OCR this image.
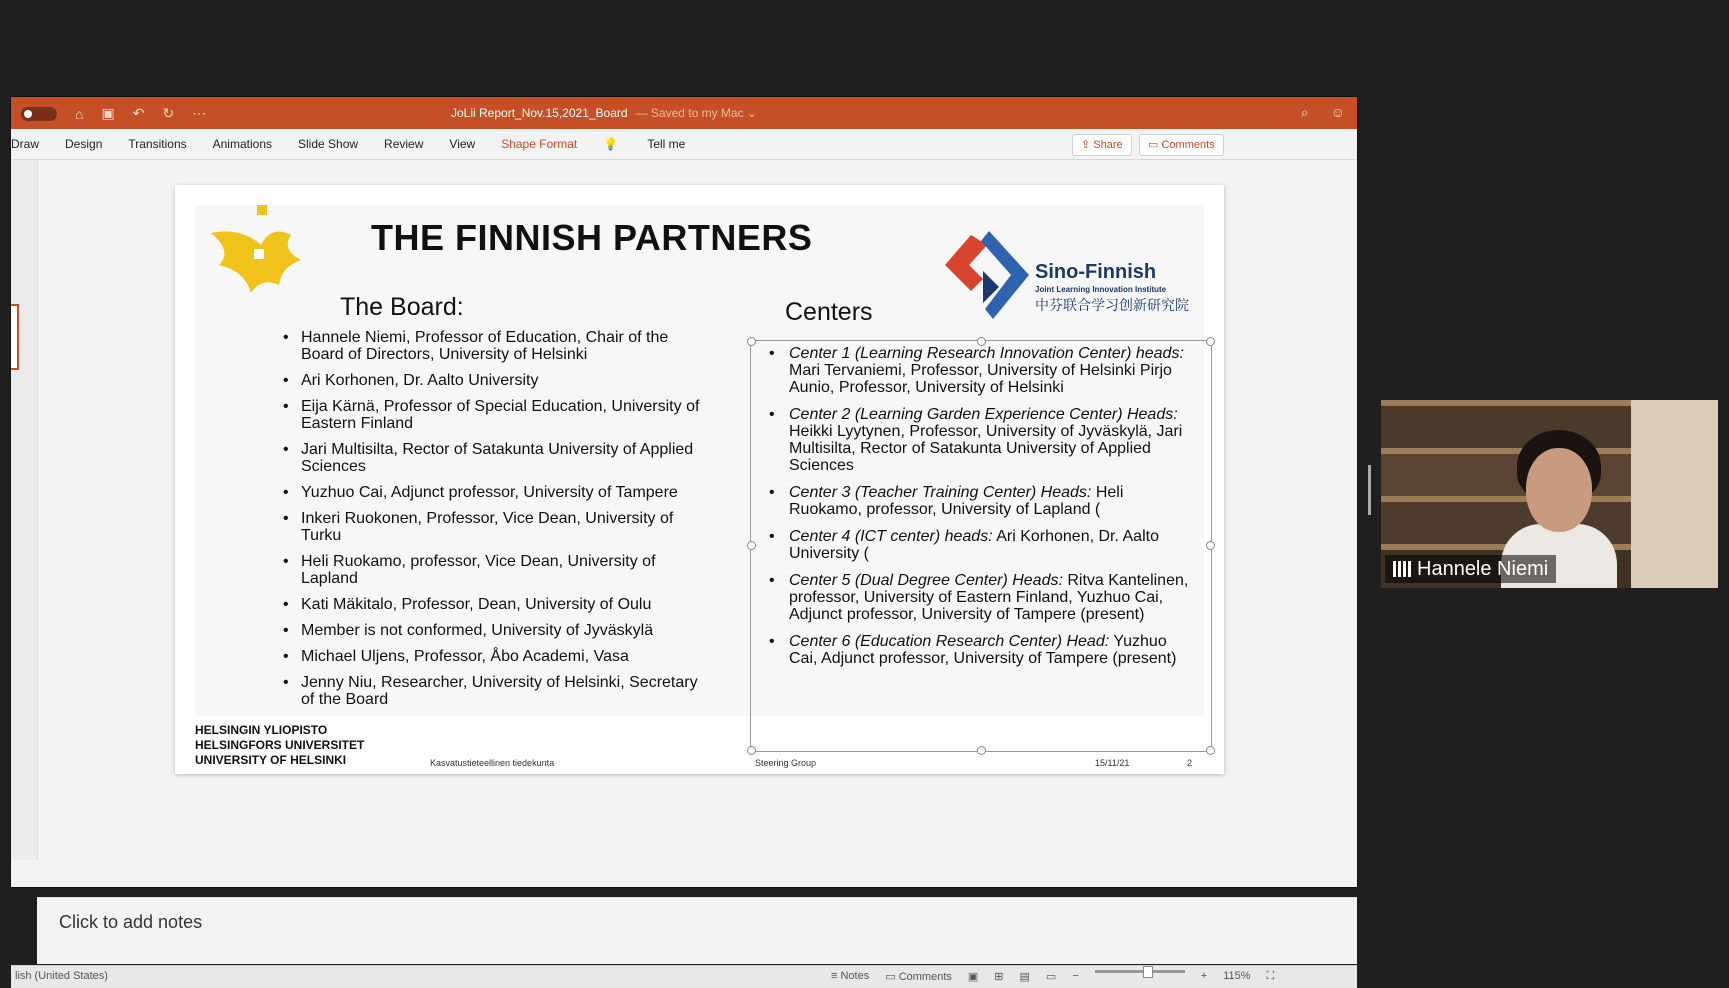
⌂ ▣ ↶ ↻ ⋯	JoLii Report_Nov.15,2021_Board — Saved to my Mac ⌄	⌕ ☺
Draw Design Transitions Animations Slide Show Review View Shape Format 💡 Tell me	⇪ Share	▭ Comments
Click to add notes
lish (United States)	≡ Notes ▭ Comments ▣ ⊞ ▤ ▭ −	+ 115% ⛶
THE FINNISH PARTNERS
Sino-Finnish
Joint Learning Innovation Institute
中芬联合学习创新研究院
The Board:	Centers
• Hannele Niemi, Professor of Education, Chair of the Board of Directors, University of Helsinki
• Ari Korhonen, Dr. Aalto University
• Eija Kärnä, Professor of Special Education, University of Eastern Finland
• Jari Multisilta, Rector of Satakunta University of Applied Sciences
• Yuzhuo Cai, Adjunct professor, University of Tampere
• Inkeri Ruokonen, Professor, Vice Dean, University of Turku
• Heli Ruokamo, professor, Vice Dean, University of Lapland
• Kati Mäkitalo, Professor, Dean, University of Oulu
• Member is not conformed, University of Jyväskylä
• Michael Uljens, Professor, Åbo Academi, Vasa
• Jenny Niu, Researcher, University of Helsinki, Secretary of the Board
• Center 1 (Learning Research Innovation Center) heads: Mari Tervaniemi, Professor, University of Helsinki Pirjo Aunio, Professor, University of Helsinki
• Center 2 (Learning Garden Experience Center) Heads: Heikki Lyytynen, Professor, University of Jyväskylä, Jari Multisilta, Rector of Satakunta University of Applied Sciences
• Center 3 (Teacher Training Center) Heads: Heli Ruokamo, professor, University of Lapland (
• Center 4 (ICT center) heads: Ari Korhonen, Dr. Aalto University (
• Center 5 (Dual Degree Center) Heads: Ritva Kantelinen, professor, University of Eastern Finland, Yuzhuo Cai, Adjunct professor, University of Tampere (present)
• Center 6 (Education Research Center) Head: Yuzhuo Cai, Adjunct professor, University of Tampere (present)
HELSINGIN YLIOPISTO
HELSINGFORS UNIVERSITET
UNIVERSITY OF HELSINKI	Kasvatustieteellinen tiedekunta	Steering Group	15/11/21	2
Hannele Niemi
